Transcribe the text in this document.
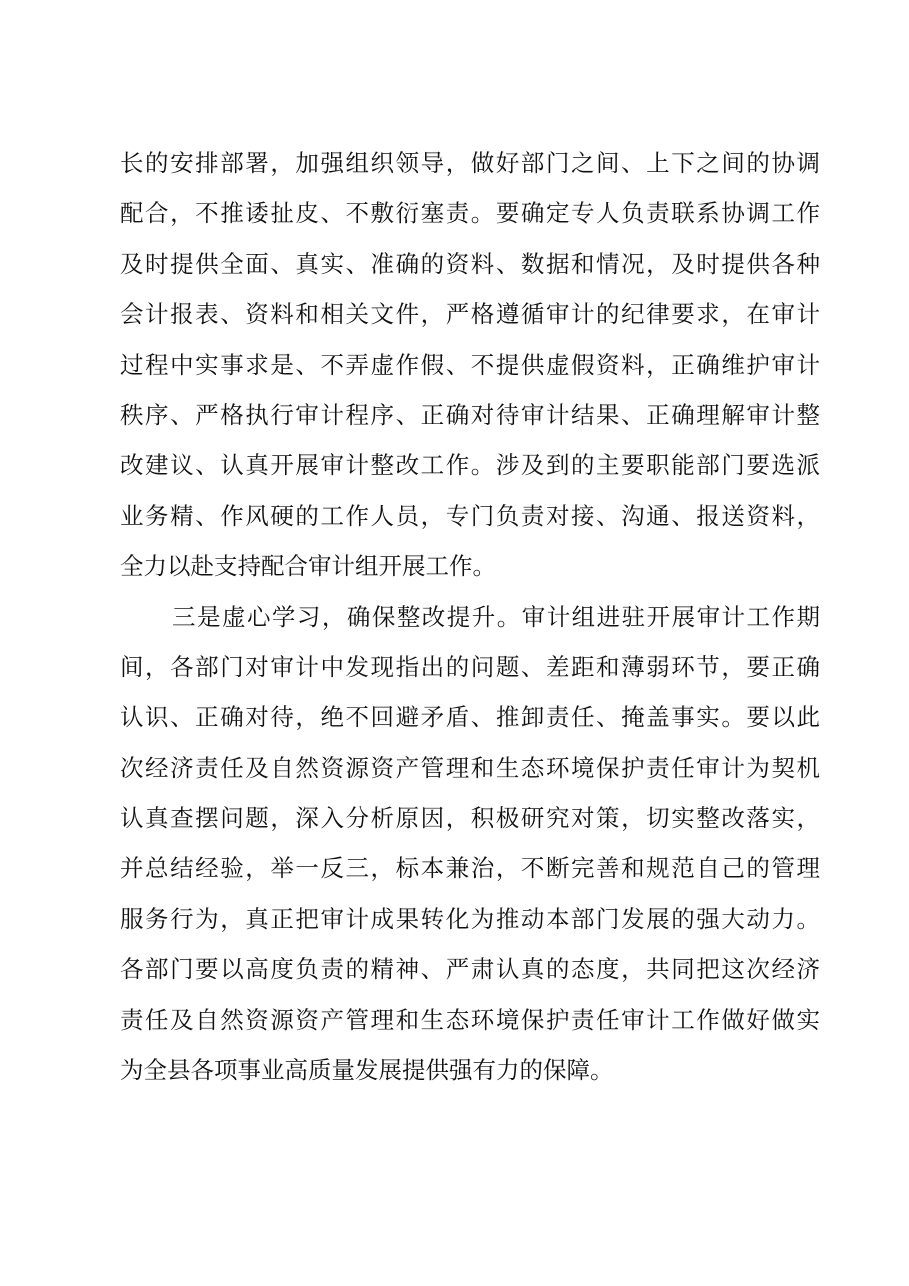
长的安排部署，加强组织领导，做好部门之间、上下之间的协调
配合，不推诿扯皮、不敷衍塞责。要确定专人负责联系协调工作
及时提供全面、真实、准确的资料、数据和情况，及时提供各种
会计报表、资料和相关文件，严格遵循审计的纪律要求，在审计
过程中实事求是、不弄虚作假、不提供虚假资料，正确维护审计
秩序、严格执行审计程序、正确对待审计结果、正确理解审计整
改建议、认真开展审计整改工作。涉及到的主要职能部门要选派
业务精、作风硬的工作人员，专门负责对接、沟通、报送资料，
全力以赴支持配合审计组开展工作。
三是虚心学习，确保整改提升。审计组进驻开展审计工作期
间，各部门对审计中发现指出的问题、差距和薄弱环节，要正确
认识、正确对待，绝不回避矛盾、推卸责任、掩盖事实。要以此
次经济责任及自然资源资产管理和生态环境保护责任审计为契机
认真查摆问题，深入分析原因，积极研究对策，切实整改落实，
并总结经验，举一反三，标本兼治，不断完善和规范自己的管理
服务行为，真正把审计成果转化为推动本部门发展的强大动力。
各部门要以高度负责的精神、严肃认真的态度，共同把这次经济
责任及自然资源资产管理和生态环境保护责任审计工作做好做实
为全县各项事业高质量发展提供强有力的保障。
